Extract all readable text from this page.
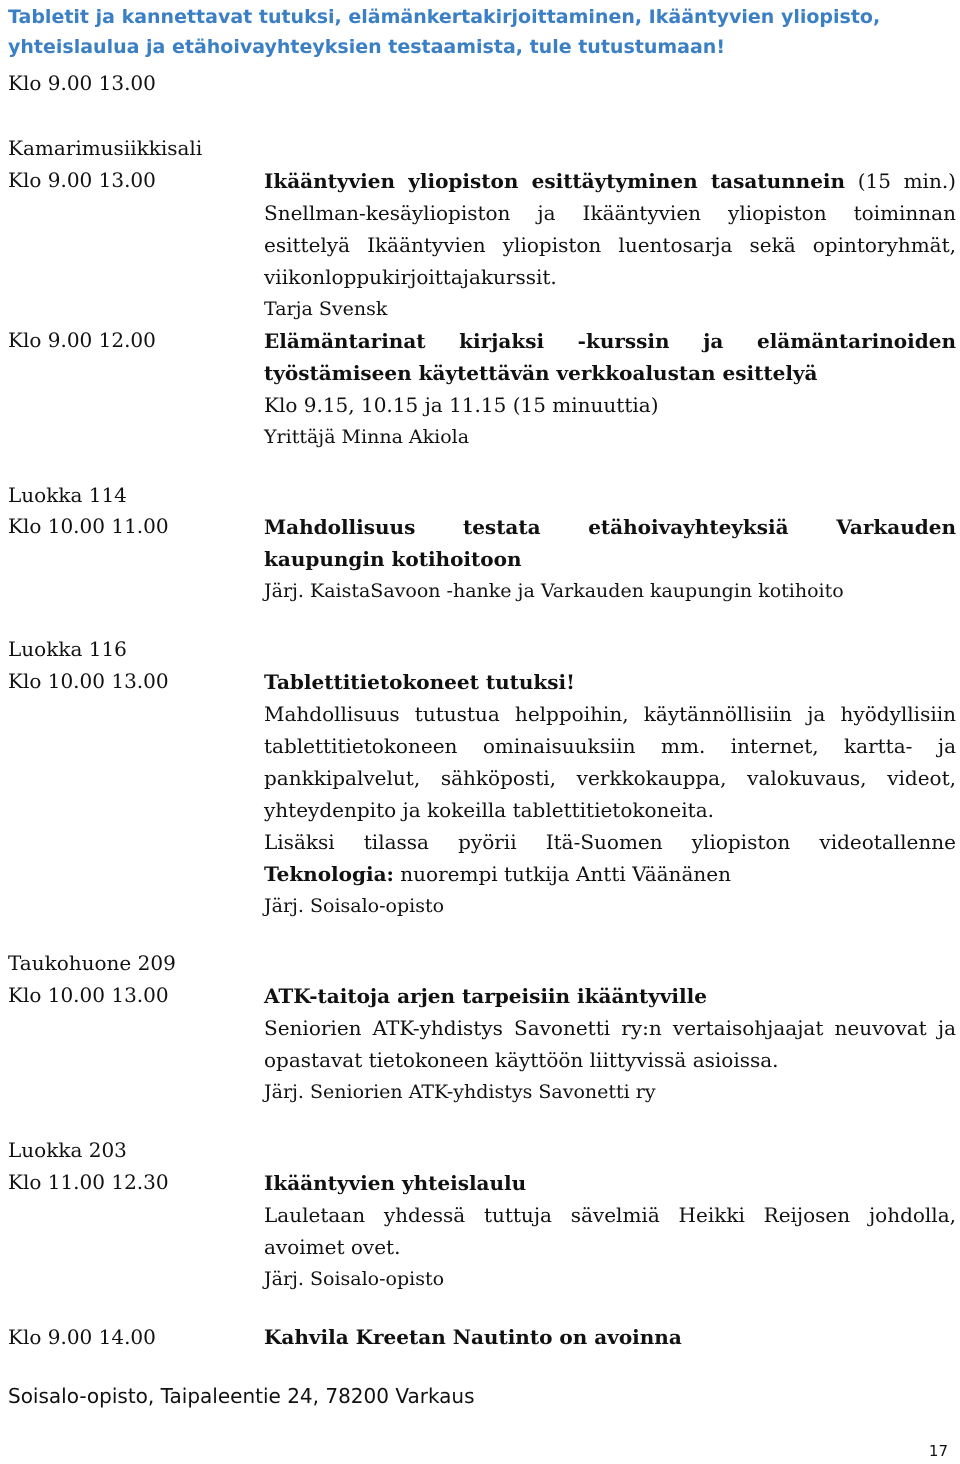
Tabletit ja kannettavat tutuksi, elämänkertakirjoittaminen, Ikääntyvien yliopisto,
yhteislaulua ja etähoivayhteyksien testaamista, tule tutustumaan!
Klo 9.00 13.00
Kamarimusiikkisali
Klo 9.00 13.00	Ikääntyvien yliopiston esittäytyminen tasatunnein (15 min.)

Snellman-kesäyliopiston ja Ikääntyvien yliopiston toiminnan esittelyä Ikääntyvien yliopiston luentosarja sekä opintoryhmät, viikonloppukirjoittajakurssit.

Tarja Svensk

Klo 9.00 12.00	Elämäntarinat kirjaksi -kurssin ja elämäntarinoiden työstämiseen käytettävän verkkoalustan esittelyä

Klo 9.15, 10.15 ja 11.15 (15 minuuttia)

Yrittäjä Minna Akiola

Luokka 114
Klo 10.00 11.00	Mahdollisuus testata etähoivayhteyksiä Varkauden kaupungin kotihoitoon

Järj. KaistaSavoon -hanke ja Varkauden kaupungin kotihoito

Luokka 116
Klo 10.00 13.00	Tablettitietokoneet tutuksi!

Mahdollisuus tutustua helppoihin, käytännöllisiin ja hyödyllisiin tablettitietokoneen ominaisuuksiin mm. internet, kartta- ja pankkipalvelut, sähköposti, verkkokauppa, valokuvaus, videot, yhteydenpito ja kokeilla tablettitietokoneita.

Lisäksi tilassa pyörii Itä-Suomen yliopiston videotallenne

Teknologia: nuorempi tutkija Antti Väänänen

Järj. Soisalo-opisto

Taukohuone 209
Klo 10.00 13.00	ATK-taitoja arjen tarpeisiin ikääntyville

Seniorien ATK-yhdistys Savonetti ry:n vertaisohjaajat neuvovat ja opastavat tietokoneen käyttöön liittyvissä asioissa.

Järj. Seniorien ATK-yhdistys Savonetti ry

Luokka 203
Klo 11.00 12.30	Ikääntyvien yhteislaulu

Lauletaan yhdessä tuttuja sävelmiä Heikki Reijosen johdolla, avoimet ovet.

Järj. Soisalo-opisto

Klo 9.00 14.00	Kahvila Kreetan Nautinto on avoinna

Soisalo-opisto, Taipaleentie 24, 78200 Varkaus
17
